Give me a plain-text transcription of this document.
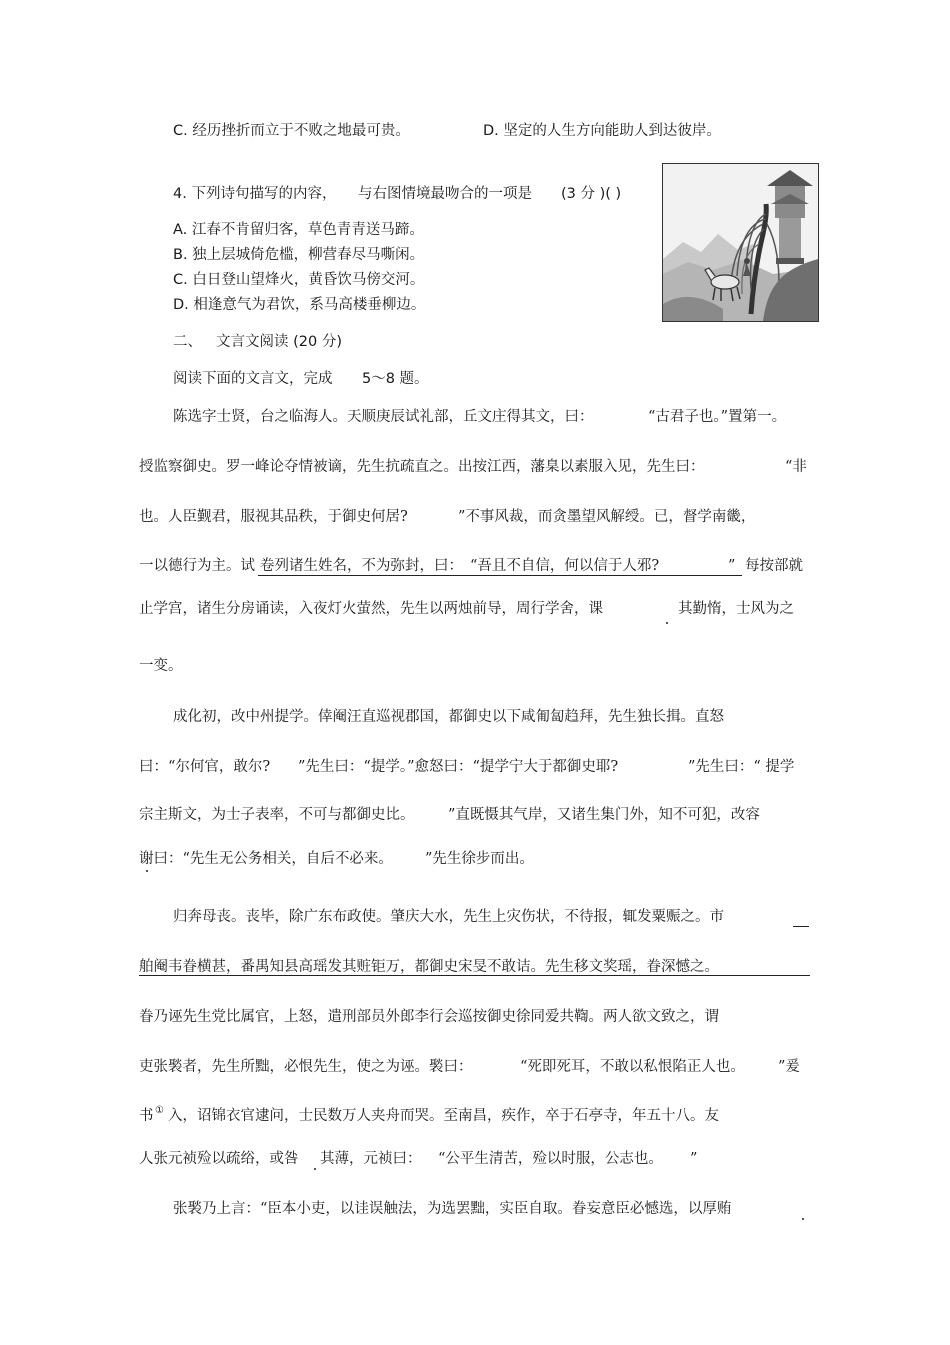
C. 经历挫折而立于不败之地最可贵。	D. 坚定的人生方向能助人到达彼岸。
4. 下列诗句描写的内容， 与右图情境最吻合的一项是 (3 分 )( )
A. 江春不肯留归客，草色青青送马蹄。
B. 独上层城倚危槛，柳营春尽马嘶闲。
C. 白日登山望烽火，黄昏饮马傍交河。
D. 相逢意气为君饮，系马高楼垂柳边。
二、 文言文阅读 (20 分)
阅读下面的文言文，完成 5～8 题。
陈选字士贤，台之临海人。天顺庚辰试礼部，丘文庄得其文，曰：	“古君子也。”置第一。
授监察御史。罗一峰论夺情被谪，先生抗疏直之。出按江西，藩臬以素服入见，先生曰：	“非
也。人臣觐君，服视其品秩，于御史何居?	”不事风裁，而贪墨望风解绶。已，督学南畿，
一以德行为主。试 卷列诸生姓名，不为弥封，曰： “吾且不自信，何以信于人邪?	” 每按部就
止学宫，诸生分房诵读，入夜灯火萤然，先生以两烛前导，周行学舍，课	其勤惰，士风为之
一变。
成化初，改中州提学。倖阉汪直巡视郡国，都御史以下咸匍匐趋拜，先生独长揖。直怒
曰：“尔何官，敢尔? ”先生曰：“提学。”愈怒曰：“提学宁大于都御史耶?	”先生曰：“ 提学
宗主斯文，为士子表率，不可与都御史比。 ”直既慑其气岸，又诸生集门外，知不可犯，改容
谢曰：“先生无公务相关，自后不必来。 ”先生徐步而出。
归奔母丧。丧毕，除广东布政使。肇庆大水，先生上灾伤状，不待报，辄发粟赈之。市
舶阉韦眷横甚，番禺知县高瑶发其赃钜万，都御史宋旻不敢诘。先生移文奖瑶，眷深憾之。
眷乃诬先生党比属官，上怒，遣刑部员外郎李行会巡按御史徐同爱共鞫。两人欲文致之，谓
吏张褧者，先生所黜，必恨先生，使之为诬。褧曰：	“死即死耳，不敢以私恨陷正人也。 ”爰
书 ① 入，诏锦衣官逮问，士民数万人夹舟而哭。至南昌，疾作，卒于石亭寺，年五十八。友
人张元祯殓以疏绤，或咎 其薄，元祯曰： “公平生清苦，殓以时服，公志也。 ”
张褧乃上言：“臣本小吏，以诖误触法，为选罢黜，实臣自取。眷妄意臣必憾选，以厚贿
